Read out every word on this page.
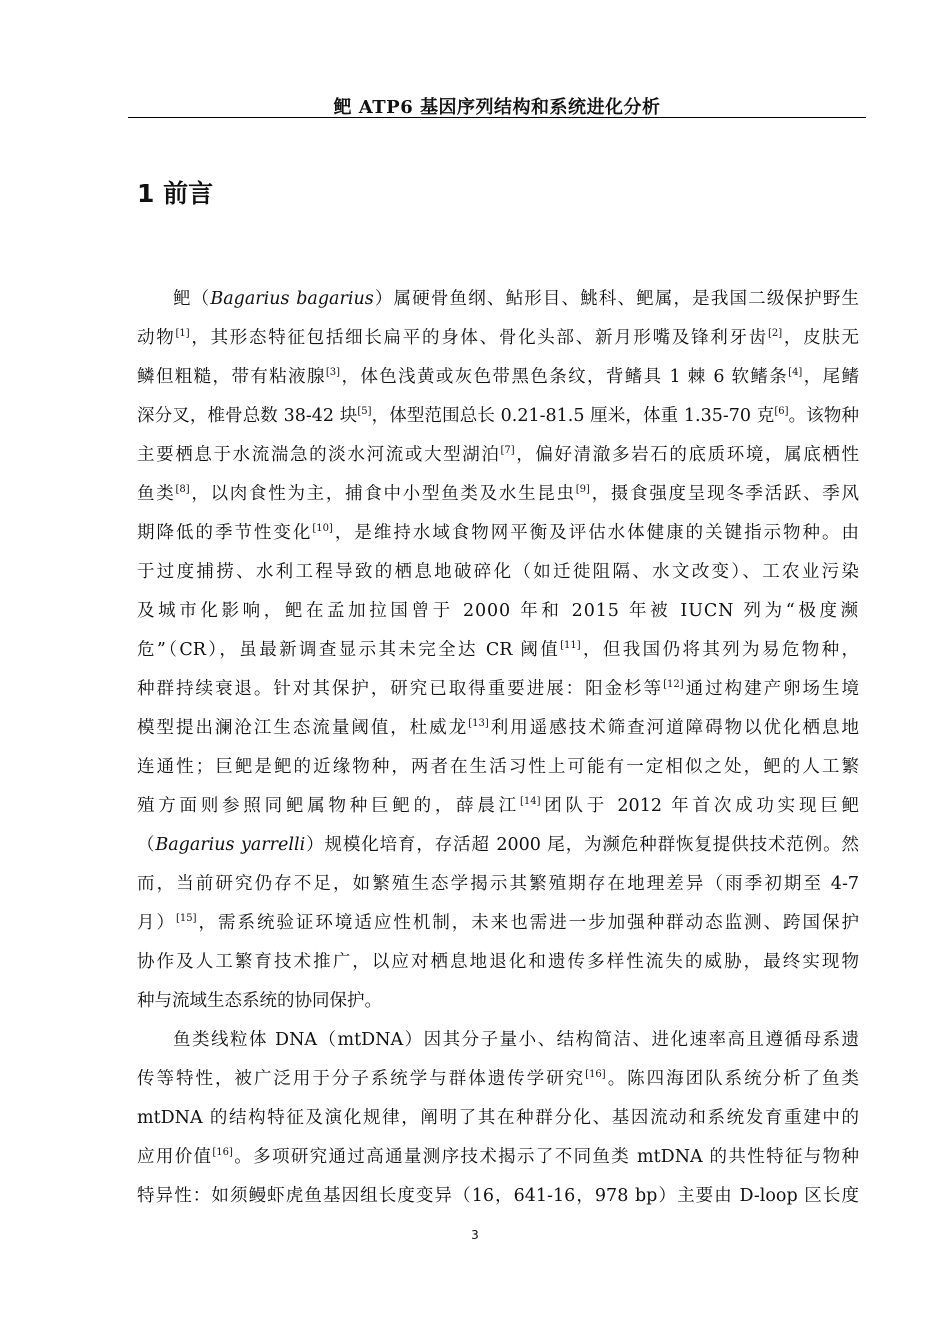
鲃 ATP6 基因序列结构和系统进化分析
1 前言
鲃（Bagarius bagarius）属硬骨鱼纲、鲇形目、鮡科、鲃属，是我国二级保护野生
动物[1]，其形态特征包括细长扁平的身体、骨化头部、新月形嘴及锋利牙齿[2]，皮肤无
鳞但粗糙，带有粘液腺[3]，体色浅黄或灰色带黑色条纹，背鳍具 1 棘 6 软鳍条[4]，尾鳍
深分叉，椎骨总数 38-42 块[5]，体型范围总长 0.21-81.5 厘米，体重 1.35-70 克[6]。该物种
主要栖息于水流湍急的淡水河流或大型湖泊[7]，偏好清澈多岩石的底质环境，属底栖性
鱼类[8]，以肉食性为主，捕食中小型鱼类及水生昆虫[9]，摄食强度呈现冬季活跃、季风
期降低的季节性变化[10]，是维持水域食物网平衡及评估水体健康的关键指示物种。由
于过度捕捞、水利工程导致的栖息地破碎化（如迁徙阻隔、水文改变）、工农业污染
及城市化影响，鲃在孟加拉国曾于 2000 年和 2015 年被 IUCN 列为“极度濒
危”（CR），虽最新调查显示其未完全达 CR 阈值[11]，但我国仍将其列为易危物种，
种群持续衰退。针对其保护，研究已取得重要进展：阳金杉等[12]通过构建产卵场生境
模型提出澜沧江生态流量阈值，杜威龙[13]利用遥感技术筛查河道障碍物以优化栖息地
连通性；巨鲃是鲃的近缘物种，两者在生活习性上可能有一定相似之处，鲃的人工繁
殖方面则参照同鲃属物种巨鲃的，薛晨江[14]团队于 2012 年首次成功实现巨鲃
（Bagarius yarrelli）规模化培育，存活超 2000 尾，为濒危种群恢复提供技术范例。然
而，当前研究仍存不足，如繁殖生态学揭示其繁殖期存在地理差异（雨季初期至 4-7
月）[15]，需系统验证环境适应性机制，未来也需进一步加强种群动态监测、跨国保护
协作及人工繁育技术推广，以应对栖息地退化和遗传多样性流失的威胁，最终实现物
种与流域生态系统的协同保护。
鱼类线粒体 DNA（mtDNA）因其分子量小、结构简洁、进化速率高且遵循母系遗
传等特性，被广泛用于分子系统学与群体遗传学研究[16]。陈四海团队系统分析了鱼类
mtDNA 的结构特征及演化规律，阐明了其在种群分化、基因流动和系统发育重建中的
应用价值[16]。多项研究通过高通量测序技术揭示了不同鱼类 mtDNA 的共性特征与物种
特异性：如须鳗虾虎鱼基因组长度变异（16，641-16，978 bp）主要由 D-loop 区长度
3
